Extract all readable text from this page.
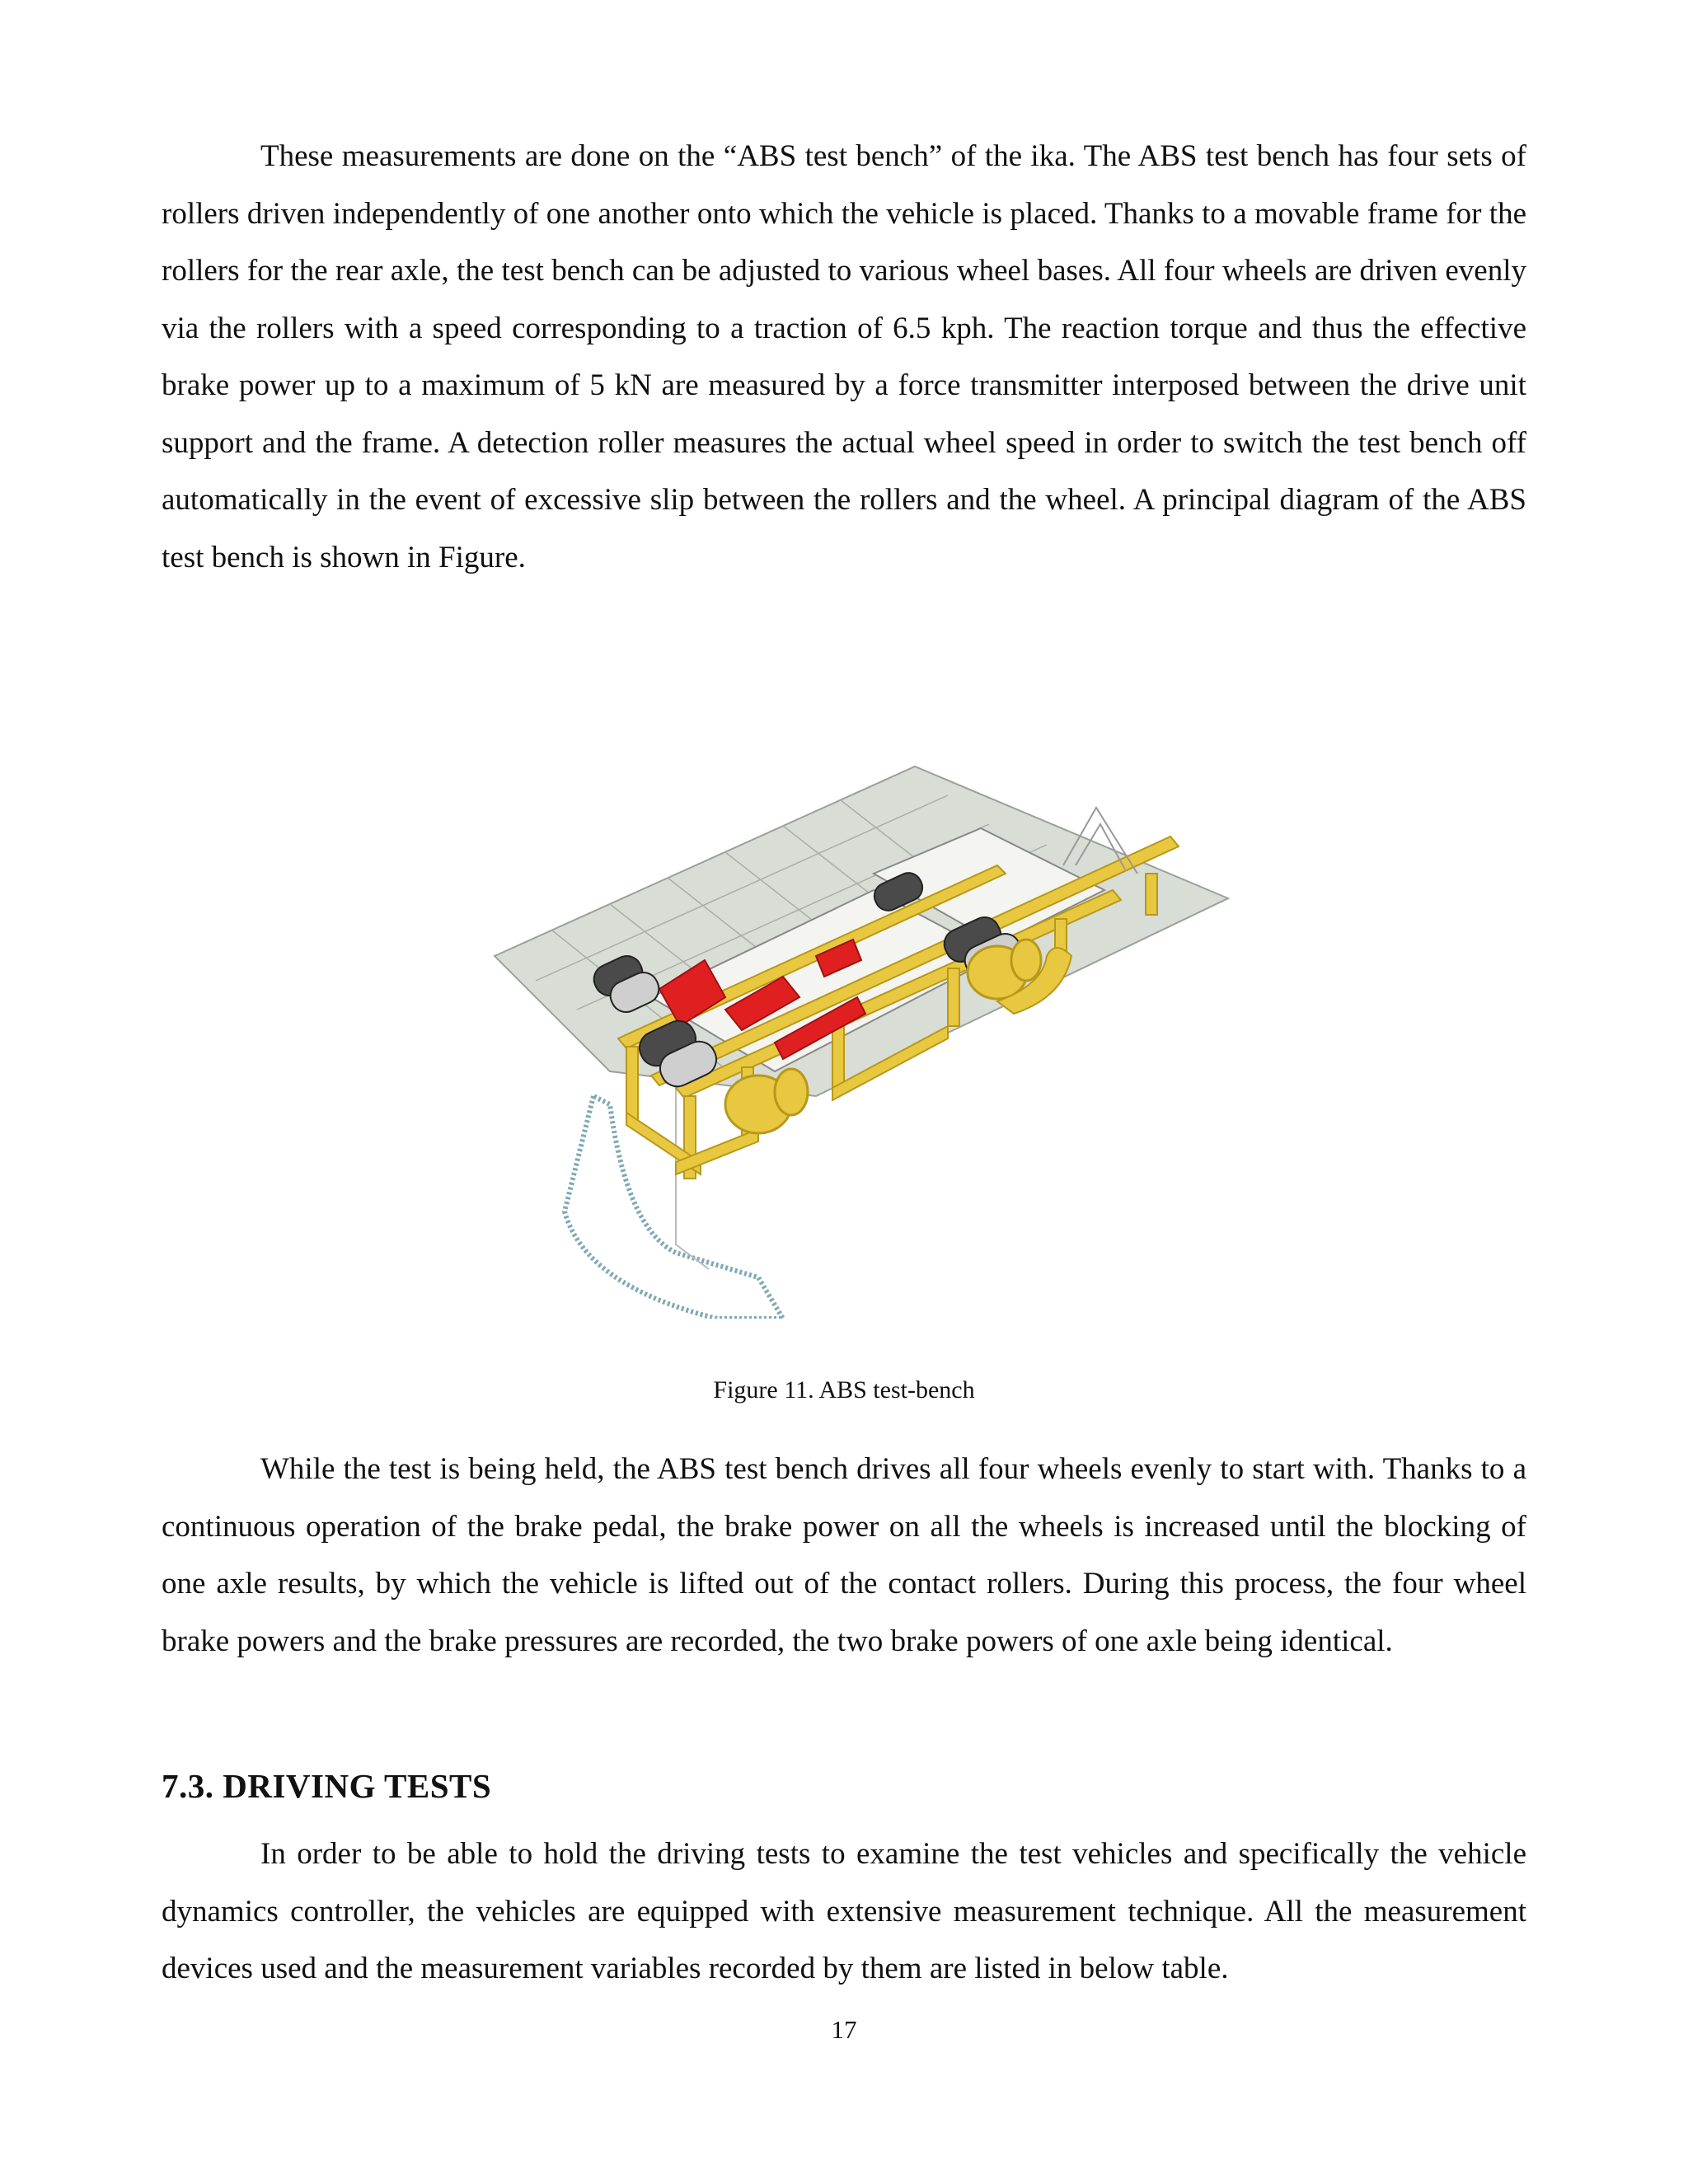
These measurements are done on the “ABS test bench” of the ika. The ABS test bench has four sets of rollers driven independently of one another onto which the vehicle is placed. Thanks to a movable frame for the rollers for the rear axle, the test bench can be adjusted to various wheel bases. All four wheels are driven evenly via the rollers with a speed corresponding to a traction of 6.5 kph. The reaction torque and thus the effective brake power up to a maximum of 5 kN are measured by a force transmitter interposed between the drive unit support and the frame. A detection roller measures the actual wheel speed in order to switch the test bench off automatically in the event of excessive slip between the rollers and the wheel. A principal diagram of the ABS test bench is shown in Figure.

Figure 11. ABS test-bench

While the test is being held, the ABS test bench drives all four wheels evenly to start with. Thanks to a continuous operation of the brake pedal, the brake power on all the wheels is increased until the blocking of one axle results, by which the vehicle is lifted out of the contact rollers. During this process, the four wheel brake powers and the brake pressures are recorded, the two brake powers of one axle being identical.

7.3. DRIVING TESTS

In order to be able to hold the driving tests to examine the test vehicles and specifically the vehicle dynamics controller, the vehicles are equipped with extensive measurement technique. All the measurement devices used and the measurement variables recorded by them are listed in below table.

17
